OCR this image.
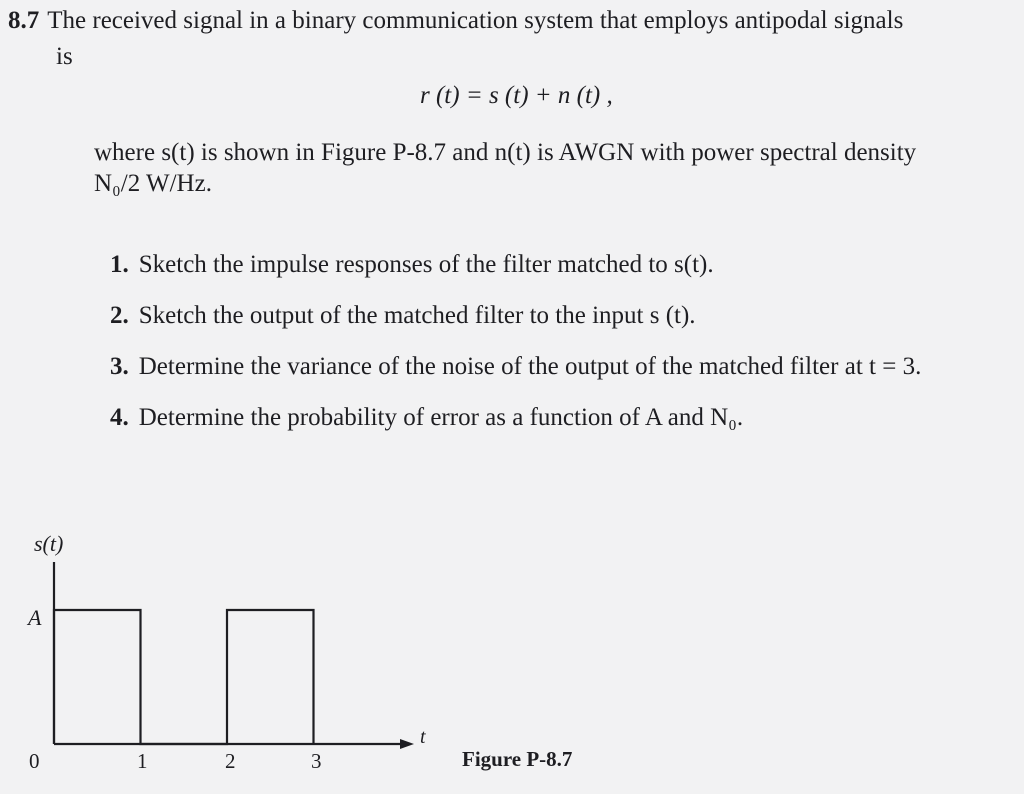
8.7 The received signal in a binary communication system that employs antipodal signals
is
r (t) = s (t) + n (t) ,
where s(t) is shown in Figure P-8.7 and n(t) is AWGN with power spectral density
N₀/2 W/Hz.
1. Sketch the impulse responses of the filter matched to s(t).
2. Sketch the output of the matched filter to the input s (t).
3. Determine the variance of the noise of the output of the matched filter at t = 3.
4. Determine the probability of error as a function of A and N₀.
s(t)
A
t
0	1	2	3	Figure P-8.7
